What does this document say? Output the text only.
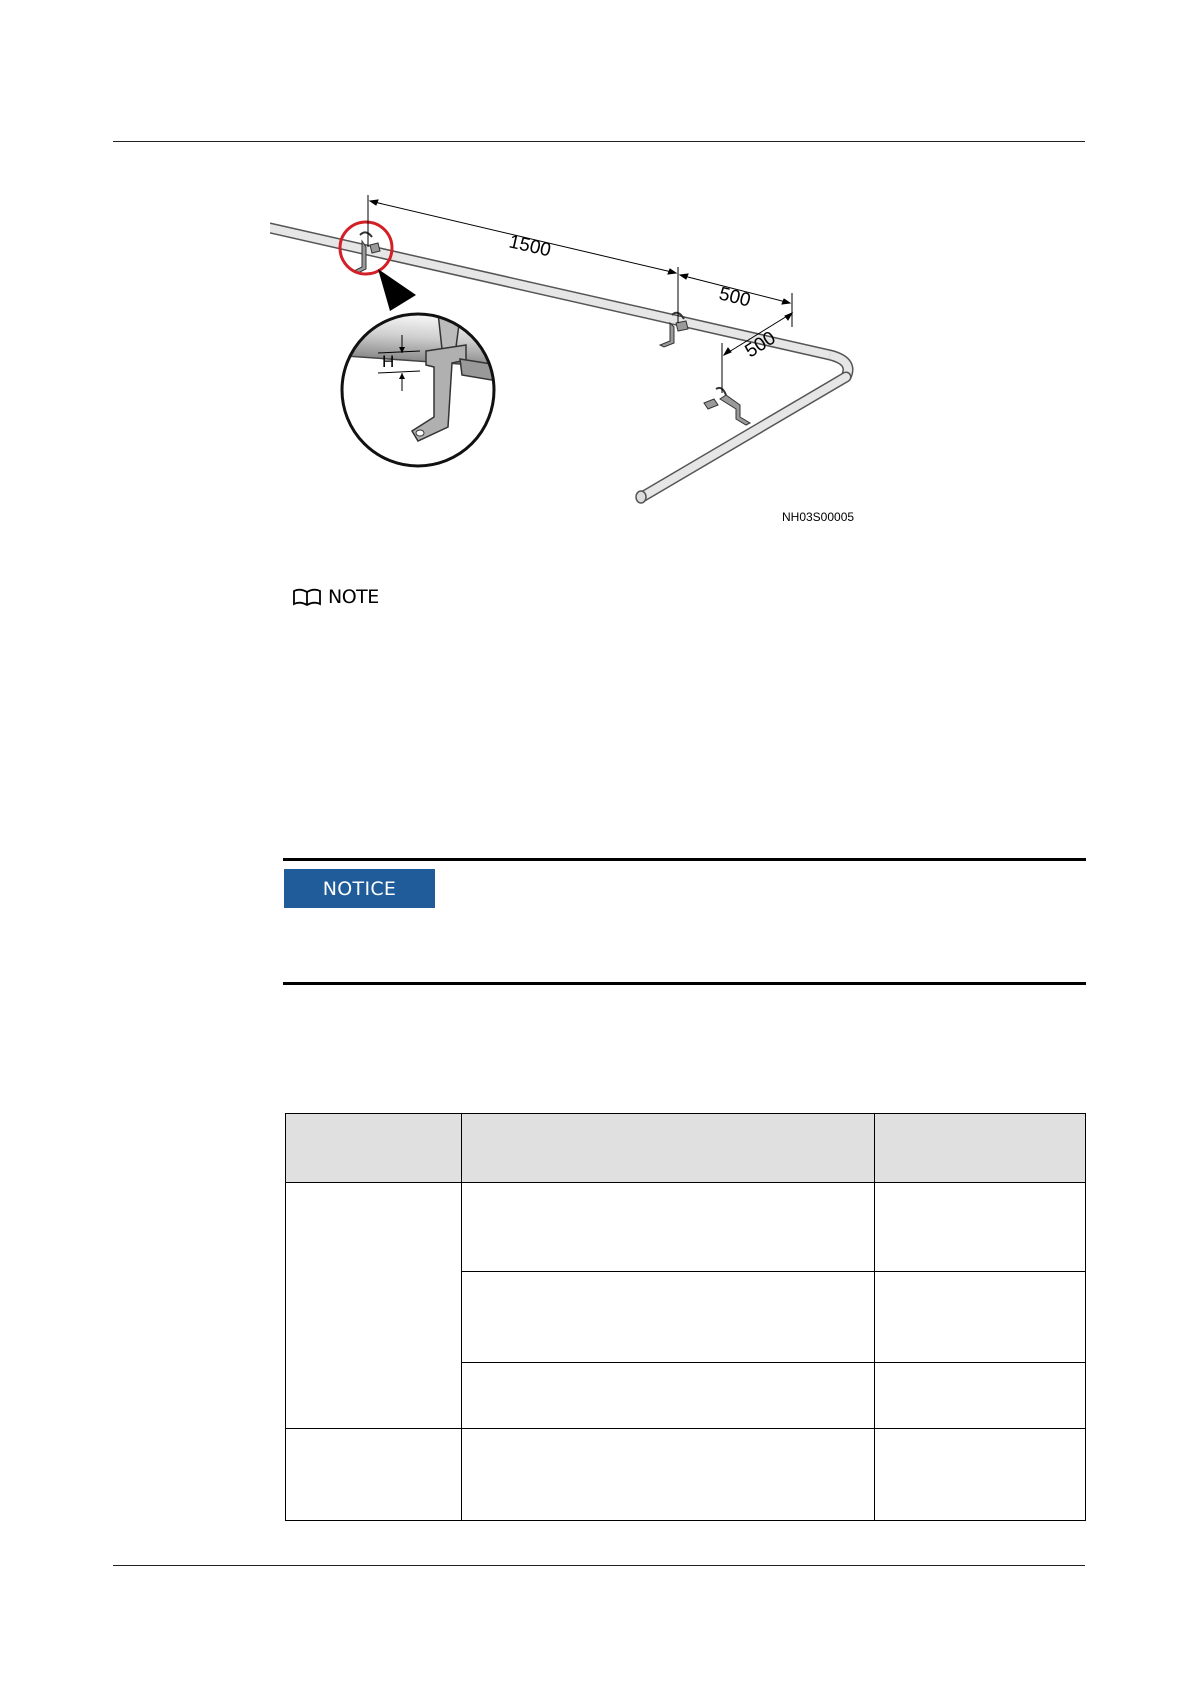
1500
500
500
H
NH03S00005
NOTE
NOTICE
